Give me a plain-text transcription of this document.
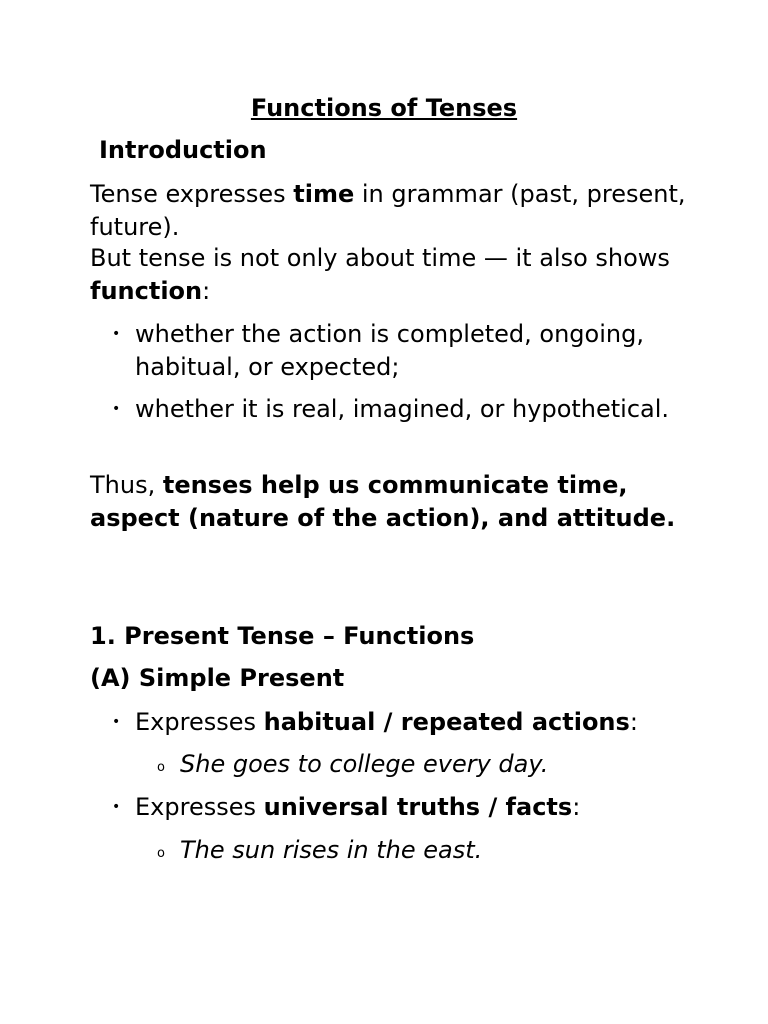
Functions of Tenses
Introduction
Tense expresses time in grammar (past, present, future).
But tense is not only about time — it also shows function:
• whether the action is completed, ongoing, habitual, or expected;
• whether it is real, imagined, or hypothetical.
Thus, tenses help us communicate time, aspect (nature of the action), and attitude.
1. Present Tense – Functions
(A) Simple Present
• Expresses habitual / repeated actions:
o She goes to college every day.
• Expresses universal truths / facts:
o The sun rises in the east.
